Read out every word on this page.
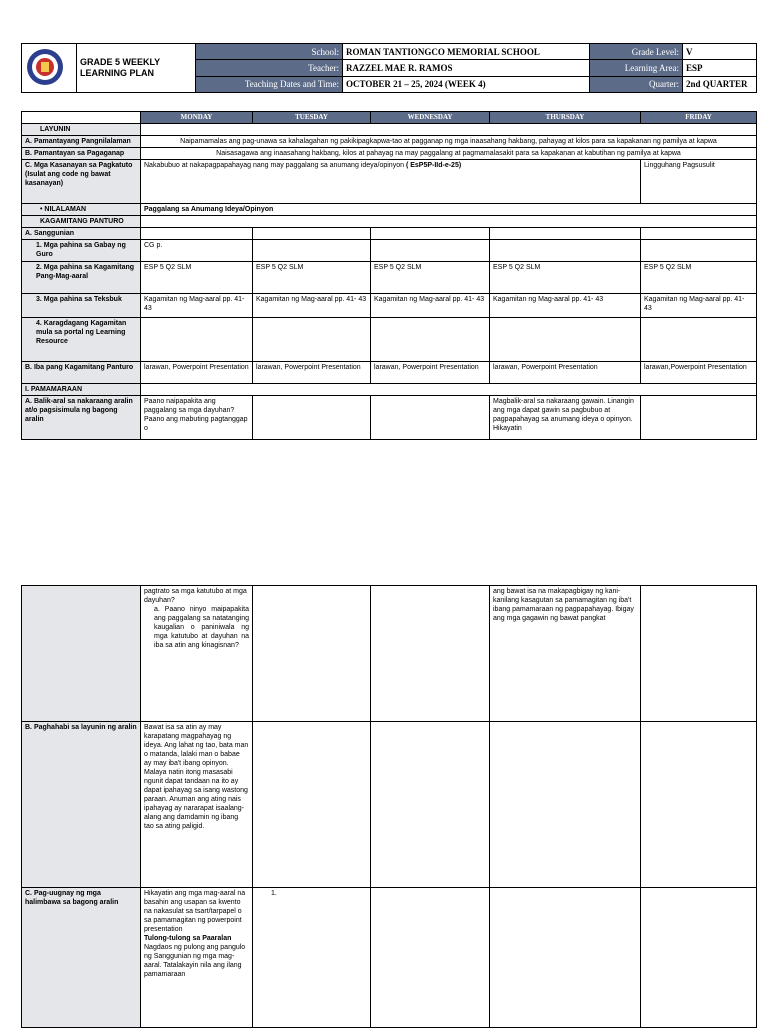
	GRADE 5 WEEKLY LEARNING PLAN	School:	ROMAN TANTIONGCO MEMORIAL SCHOOL	Grade Level:	V
		Teacher:	RAZZEL MAE R. RAMOS	Learning Area:	ESP
		Teaching Dates and Time:	OCTOBER 21 – 25, 2024 (WEEK 4)	Quarter:	2nd QUARTER
	MONDAY	TUESDAY	WEDNESDAY	THURSDAY	FRIDAY
LAYUNIN					
A. Pamantayang Pangnilalaman	Naipamamalas ang pag-unawa sa kahalagahan ng pakikipagkapwa-tao at pagganap ng mga inaasahang hakbang, pahayag at kilos para sa kapakanan ng pamilya at kapwa				
B. Pamantayan sa Pagaganap	Naisasagawa ang inaasahang hakbang, kilos at pahayag na may paggalang at pagmamalasakit para sa kapakanan at kabutihan ng pamilya at kapwa				
C. Mga Kasanayan sa Pagkatuto (Isulat ang code ng bawat kasanayan)	Nakabubuo at nakapagpapahayag nang may paggalang sa anumang ideya/opinyon ( EsP5P-IId-e-25)				Lingguhang Pagsusulit
• NILALAMAN	Paggalang sa Anumang Ideya/Opinyon				
KAGAMITANG PANTURO					
A. Sanggunian					
1. Mga pahina sa Gabay ng Guro	CG p.				
2. Mga pahina sa Kagamitang Pang-Mag-aaral	ESP 5 Q2 SLM	ESP 5 Q2 SLM	ESP 5 Q2 SLM	ESP 5 Q2 SLM	ESP 5 Q2 SLM
3. Mga pahina sa Teksbuk	Kagamitan ng Mag-aaral pp. 41- 43	Kagamitan ng Mag-aaral pp. 41- 43	Kagamitan ng Mag-aaral pp. 41- 43	Kagamitan ng Mag-aaral pp. 41- 43	Kagamitan ng Mag-aaral pp. 41- 43
4. Karagdagang Kagamitan mula sa portal ng Learning Resource					
B. Iba pang Kagamitang Panturo	larawan, Powerpoint Presentation	larawan, Powerpoint Presentation	larawan, Powerpoint Presentation	larawan, Powerpoint Presentation	larawan,Powerpoint Presentation
I. PAMAMARAAN					
A. Balik-aral sa nakaraang aralin at/o pagsisimula ng bagong aralin	Paano naipapakita ang paggalang sa mga dayuhan? Paano ang mabuting pagtanggap o			Magbalik-aral sa nakaraang gawain. Linangin ang mga dapat gawin sa pagbubuo at pagpapahayag sa anumang ideya o opinyon. Hikayatin	

	pagtrato sa mga katutubo at mga dayuhan?
a. Paano ninyo maipapakita ang paggalang sa natatanging kaugalian o paniniwala ng mga katutubo at dayuhan na iba sa atin ang kinagisnan?			ang bawat isa na makapagbigay ng kani-kanilang kasagutan sa pamamagitan ng iba't ibang pamamaraan ng pagpapahayag. Ibigay ang mga gagawin ng bawat pangkat	
B. Paghahabi sa layunin ng aralin	Bawat isa sa atin ay may karapatang magpahayag ng ideya. Ang lahat ng tao, bata man o matanda, lalaki man o babae ay may iba't ibang opinyon. Malaya natin itong masasabi ngunit dapat tandaan na ito ay dapat ipahayag sa isang wastong paraan. Anuman ang ating nais ipahayag ay nararapat isaalang-alang ang damdamin ng ibang tao sa ating paligid.				
C. Pag-uugnay ng mga halimbawa sa bagong aralin	Hikayatin ang mga mag-aaral na basahin ang usapan sa kwento na nakasulat sa tsart/tarpapel o sa pamamagitan ng powerpoint presentation
Tulong-tulong sa Paaralan
Nagdaos ng pulong ang pangulo ng Sanggunian ng mga mag-aaral. Tatalakayin nila ang ilang pamamaraan	1.			
